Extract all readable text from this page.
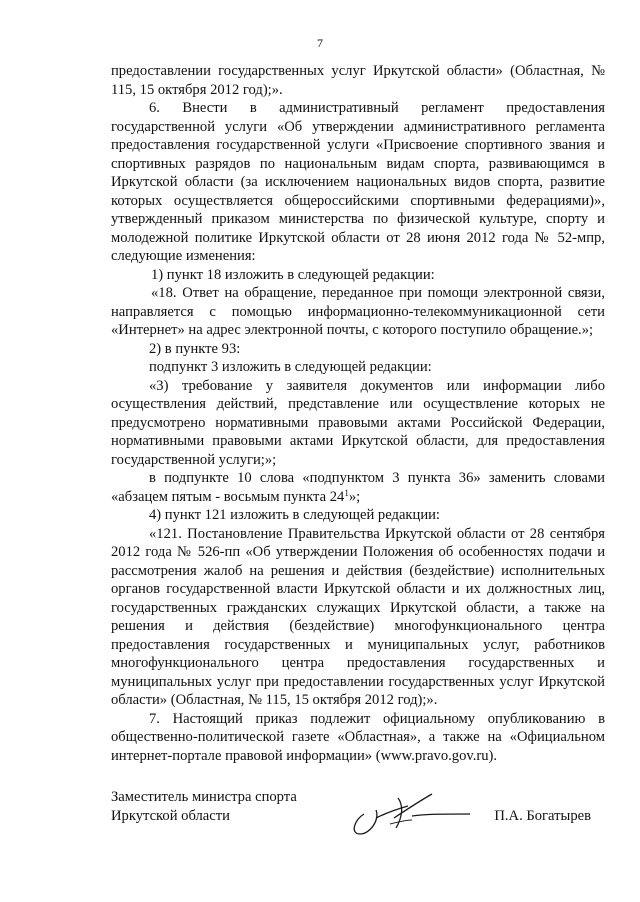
7

предоставлении государственных услуг Иркутской области» (Областная, № 115, 15 октября 2012 год);».

6. Внести в административный регламент предоставления государственной услуги «Об утверждении административного регламента предоставления государственной услуги «Присвоение спортивного звания и спортивных разрядов по национальным видам спорта, развивающимся в Иркутской области (за исключением национальных видов спорта, развитие которых осуществляется общероссийскими спортивными федерациями)», утвержденный приказом министерства по физической культуре, спорту и молодежной политике Иркутской области от 28 июня 2012 года № 52-мпр, следующие изменения:

1) пункт 18 изложить в следующей редакции:

«18. Ответ на обращение, переданное при помощи электронной связи, направляется с помощью информационно-телекоммуникационной сети «Интернет» на адрес электронной почты, с которого поступило обращение.»;

2) в пункте 93:

подпункт 3 изложить в следующей редакции:

«3) требование у заявителя документов или информации либо осуществления действий, представление или осуществление которых не предусмотрено нормативными правовыми актами Российской Федерации, нормативными правовыми актами Иркутской области, для предоставления государственной услуги;»;

в подпункте 10 слова «подпунктом 3 пункта 36» заменить словами «абзацем пятым - восьмым пункта $24^1$»;

4) пункт 121 изложить в следующей редакции:

«121. Постановление Правительства Иркутской области от 28 сентября 2012 года № 526-пп «Об утверждении Положения об особенностях подачи и рассмотрения жалоб на решения и действия (бездействие) исполнительных органов государственной власти Иркутской области и их должностных лиц, государственных гражданских служащих Иркутской области, а также на решения и действия (бездействие) многофункционального центра предоставления государственных и муниципальных услуг, работников многофункционального центра предоставления государственных и муниципальных услуг при предоставлении государственных услуг Иркутской области» (Областная, № 115, 15 октября 2012 год);».

7. Настоящий приказ подлежит официальному опубликованию в общественно-политической газете «Областная», а также на «Официальном интернет-портале правовой информации» (www.pravo.gov.ru).

Заместитель министра спорта
Иркутской области	П.А. Богатырев
